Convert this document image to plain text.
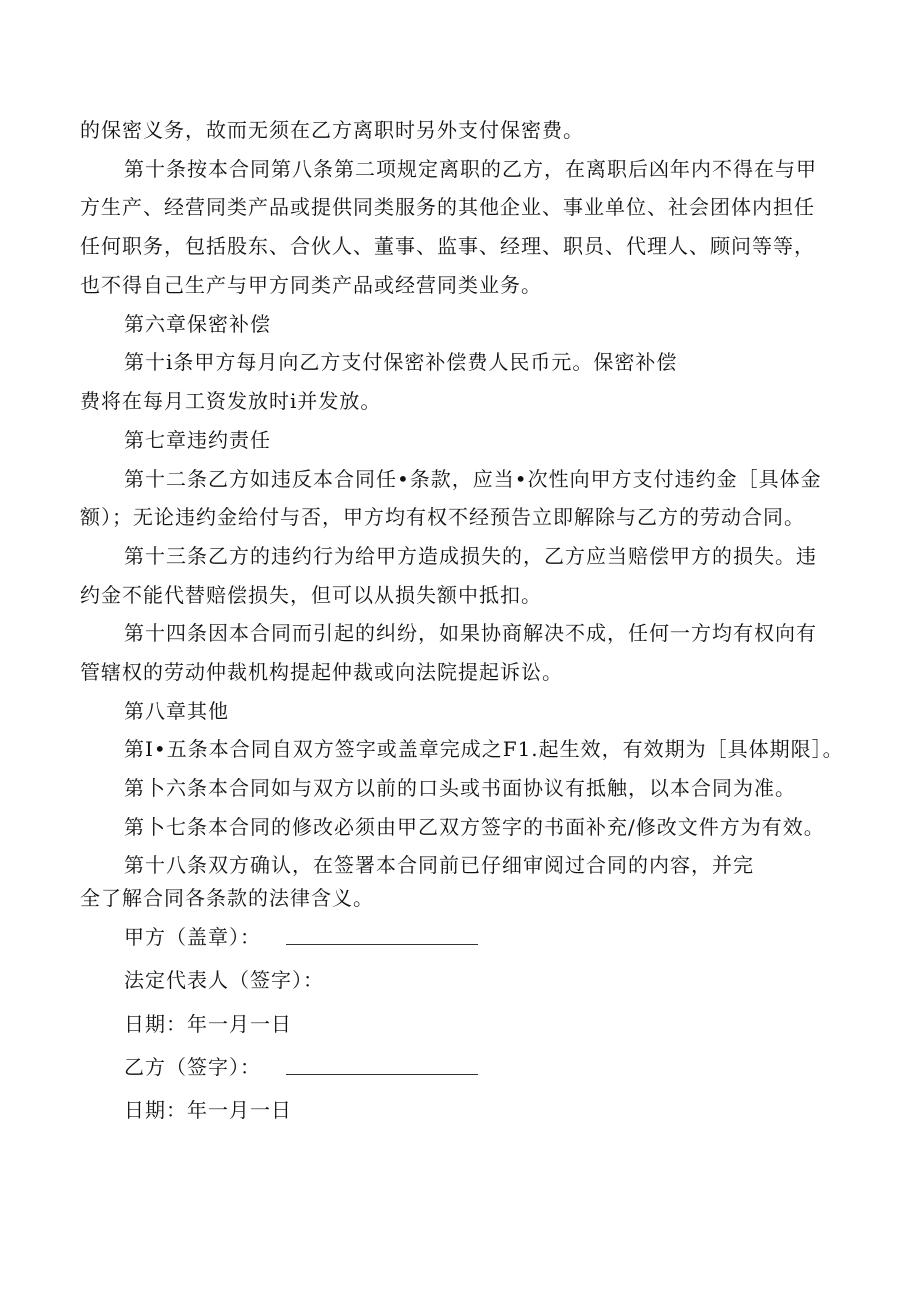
的保密义务，故而无须在乙方离职时另外支付保密费。
第十条按本合同第八条第二项规定离职的乙方，在离职后凶年内不得在与甲
方生产、经营同类产品或提供同类服务的其他企业、事业单位、社会团体内担任
任何职务，包括股东、合伙人、董事、监事、经理、职员、代理人、顾问等等，
也不得自己生产与甲方同类产品或经营同类业务。
第六章保密补偿
第十i条甲方每月向乙方支付保密补偿费人民币元。保密补偿
费将在每月工资发放时i并发放。
第七章违约责任
第十二条乙方如违反本合同任•条款，应当•次性向甲方支付违约金［具体金
额）；无论违约金给付与否，甲方均有权不经预告立即解除与乙方的劳动合同。
第十三条乙方的违约行为给甲方造成损失的，乙方应当赔偿甲方的损失。违
约金不能代替赔偿损失，但可以从损失额中抵扣。
第十四条因本合同而引起的纠纷，如果协商解决不成，任何一方均有权向有
管辖权的劳动仲裁机构提起仲裁或向法院提起诉讼。
第八章其他
第I•五条本合同自双方签字或盖章完成之F1.起生效，有效期为［具体期限］。
第卜六条本合同如与双方以前的口头或书面协议有抵触，以本合同为准。
第卜七条本合同的修改必须由甲乙双方签字的书面补充/修改文件方为有效。
第十八条双方确认，在签署本合同前已仔细审阅过合同的内容，并完
全了解合同各条款的法律含义。
甲方（盖章）：
法定代表人（签字）：
日期：年一月一日
乙方（签字）：
日期：年一月一日
